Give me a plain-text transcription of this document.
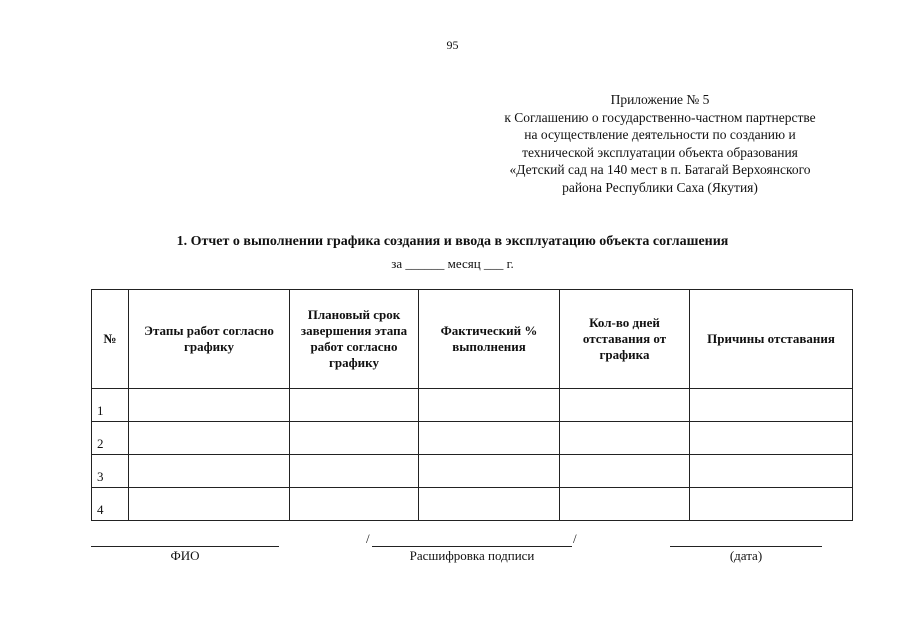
95
Приложение № 5
к Соглашению о государственно-частном партнерстве
на осуществление деятельности по созданию и
технической эксплуатации объекта образования
«Детский сад на 140 мест в п. Батагай Верхоянского
района Республики Саха (Якутия)
1. Отчет о выполнении графика создания и ввода в эксплуатацию объекта соглашения
за ______ месяц ___ г.
№	Этапы работ согласно графику	Плановый срок завершения этапа работ согласно графику	Фактический % выполнения	Кол-во дней отставания от графика	Причины отставания
1					
2					
3					
4					
ФИО
/	/
Расшифровка подписи	(дата)
